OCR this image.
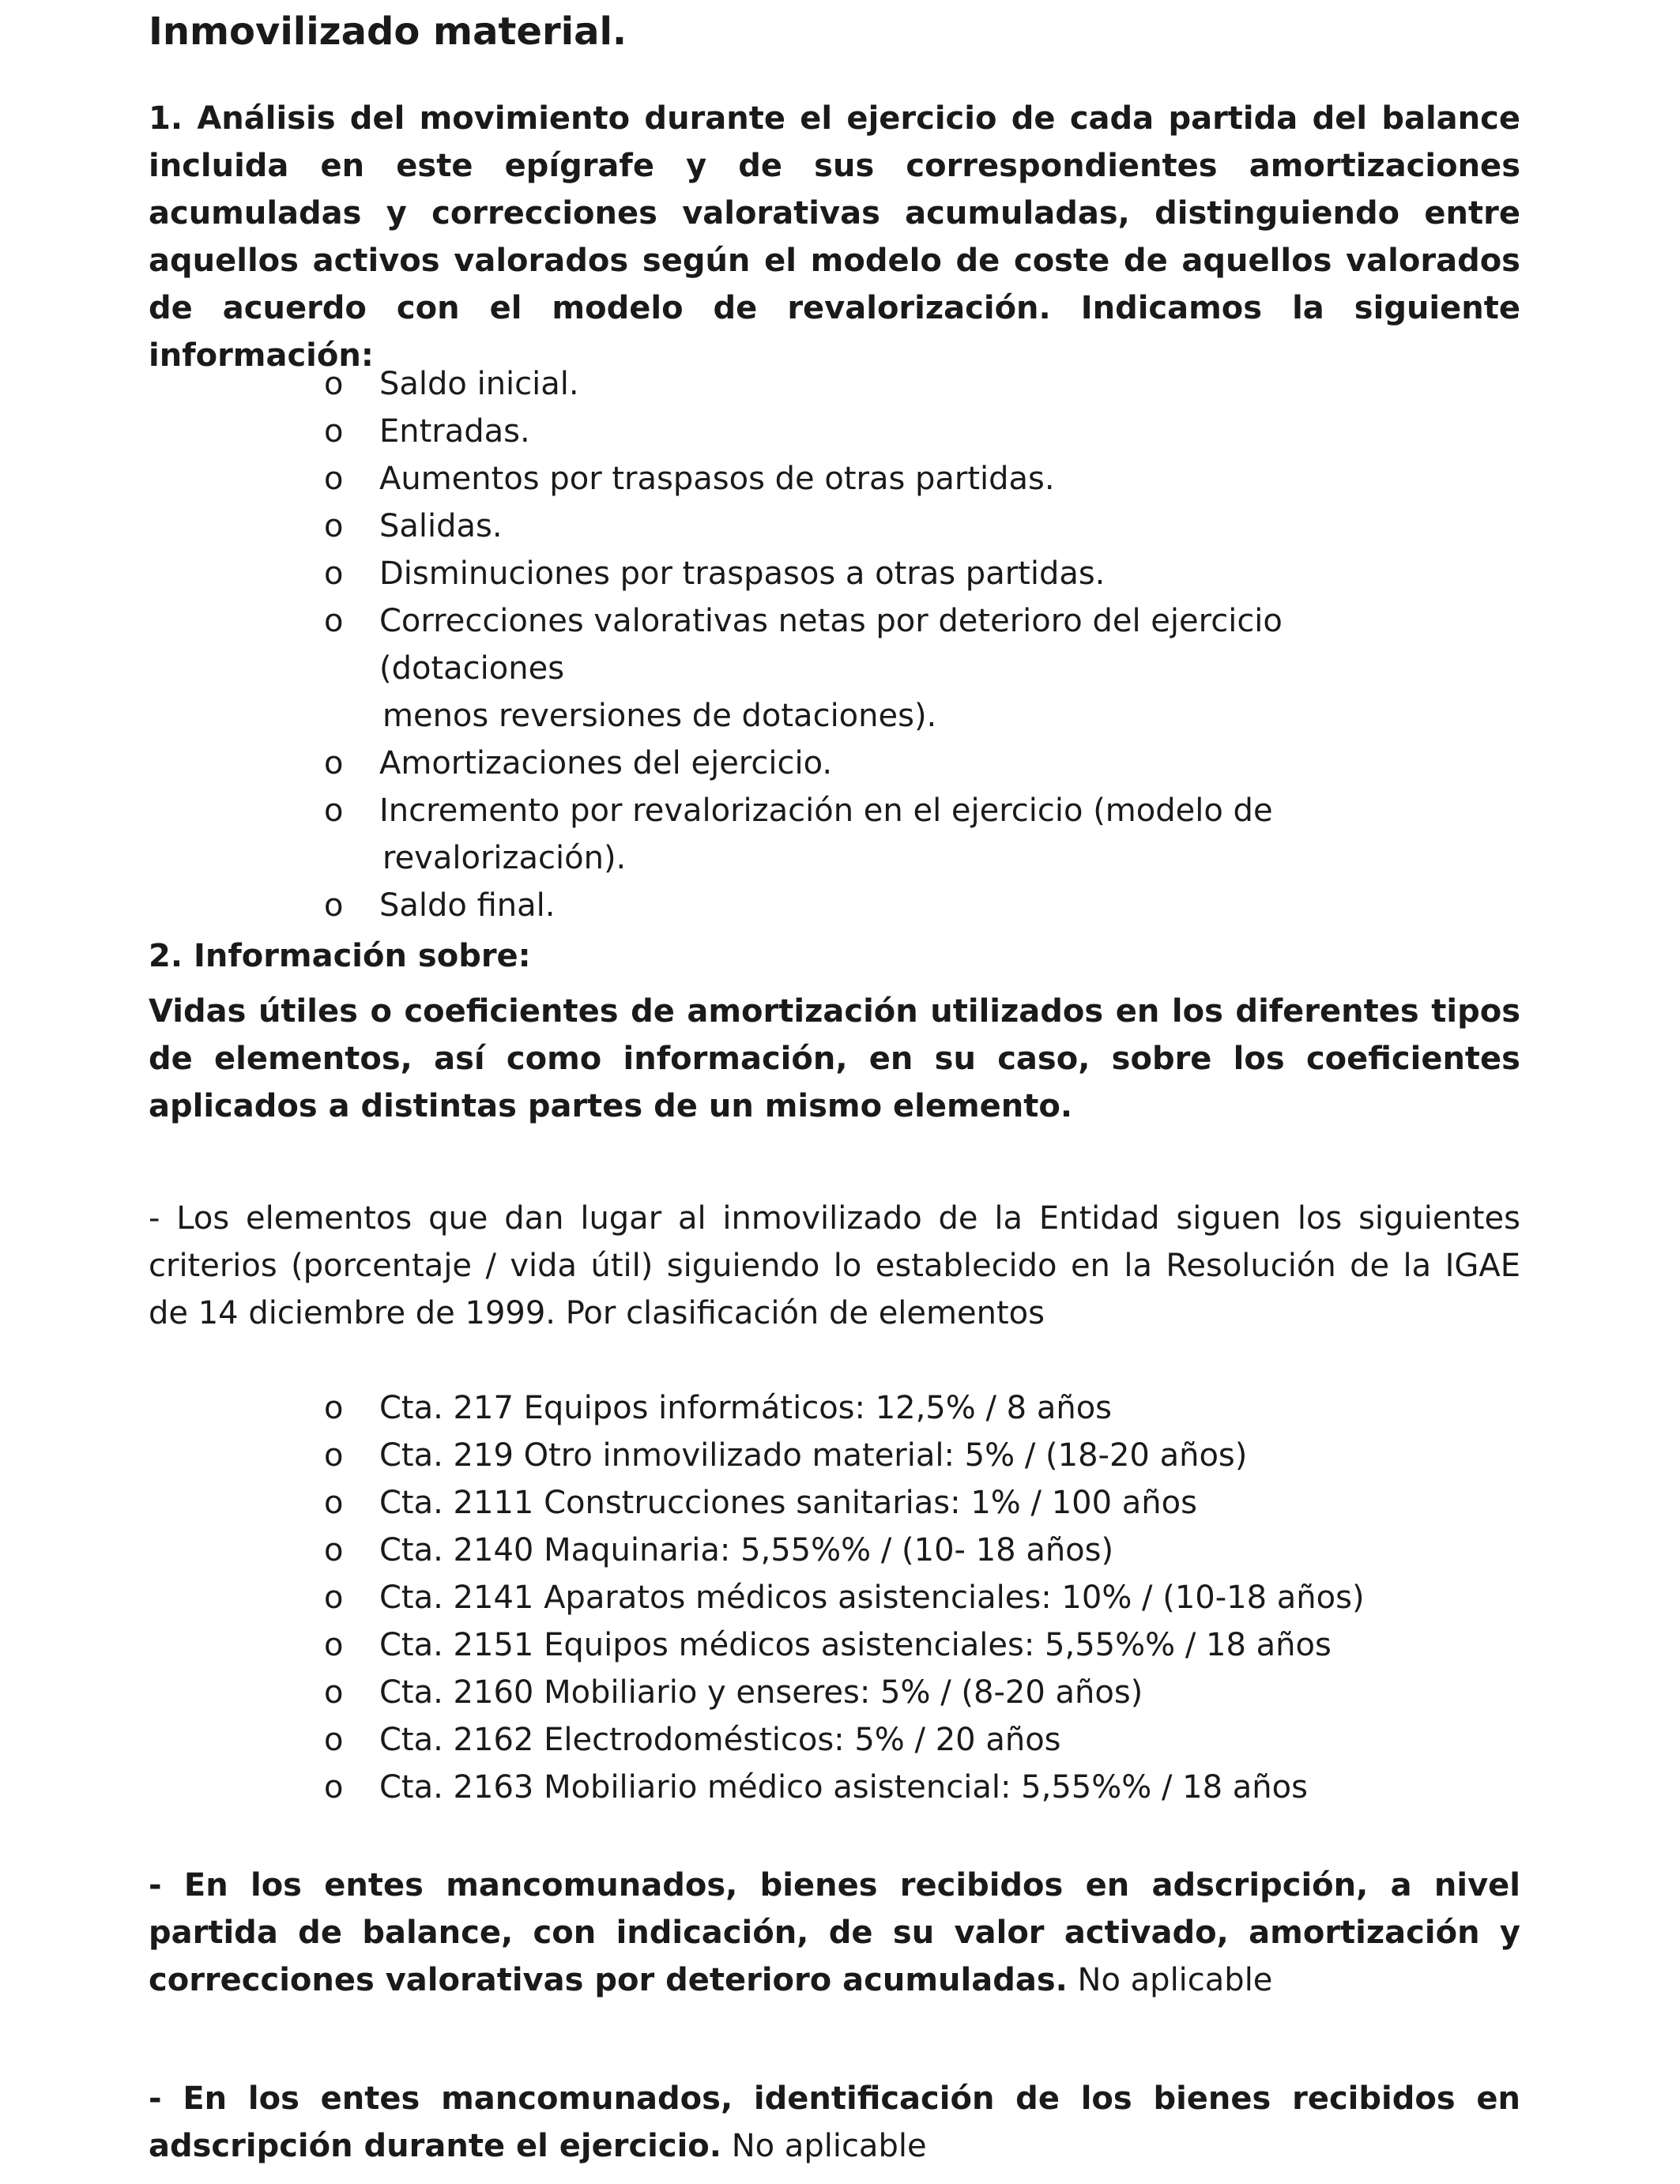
Inmovilizado material.
1. Análisis del movimiento durante el ejercicio de cada partida del balance incluida en este epígrafe y de sus correspondientes amortizaciones acumuladas y correcciones valorativas acumuladas, distinguiendo entre aquellos activos valorados según el modelo de coste de aquellos valorados de acuerdo con el modelo de revalorización. Indicamos la siguiente información:
o Saldo inicial.
o Entradas.
o Aumentos por traspasos de otras partidas.
o Salidas.
o Disminuciones por traspasos a otras partidas.
o Correcciones valorativas netas por deterioro del ejercicio (dotaciones
menos reversiones de dotaciones).
o Amortizaciones del ejercicio.
o Incremento por revalorización en el ejercicio (modelo de
revalorización).
o Saldo final.
2. Información sobre:
Vidas útiles o coeficientes de amortización utilizados en los diferentes tipos de elementos, así como información, en su caso, sobre los coeficientes aplicados a distintas partes de un mismo elemento.
- Los elementos que dan lugar al inmovilizado de la Entidad siguen los siguientes criterios (porcentaje / vida útil) siguiendo lo establecido en la Resolución de la IGAE de 14 diciembre de 1999. Por clasificación de elementos
o Cta. 217 Equipos informáticos: 12,5% / 8 años
o Cta. 219 Otro inmovilizado material: 5% / (18-20 años)
o Cta. 2111 Construcciones sanitarias: 1% / 100 años
o Cta. 2140 Maquinaria: 5,55%% / (10- 18 años)
o Cta. 2141 Aparatos médicos asistenciales: 10% / (10-18 años)
o Cta. 2151 Equipos médicos asistenciales: 5,55%% / 18 años
o Cta. 2160 Mobiliario y enseres: 5% / (8-20 años)
o Cta. 2162 Electrodomésticos: 5% / 20 años
o Cta. 2163 Mobiliario médico asistencial: 5,55%% / 18 años
- En los entes mancomunados, bienes recibidos en adscripción, a nivel partida de balance, con indicación, de su valor activado, amortización y correcciones valorativas por deterioro acumuladas. No aplicable
- En los entes mancomunados, identificación de los bienes recibidos en adscripción durante el ejercicio. No aplicable
